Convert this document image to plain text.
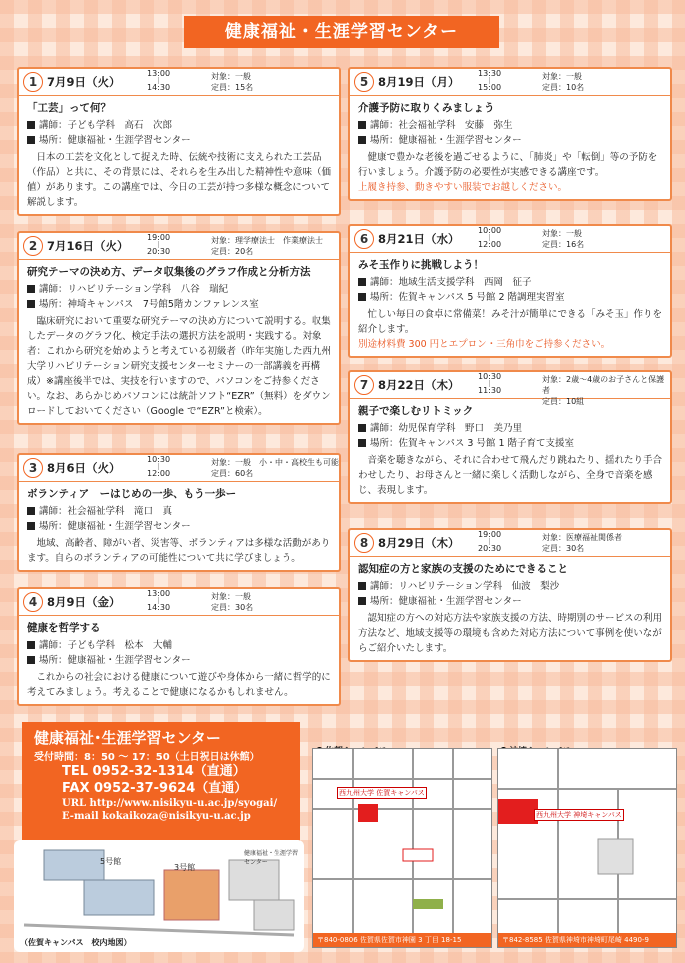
健康福祉・生涯学習センター
1 7月9日（火）
13:00
｜
14:30
対象：一般
定員：15名
「工芸」って何？
講師：子ども学科　高石　次郎
場所：健康福祉・生涯学習センター
日本の工芸を文化として捉えた時、伝統や技術に支えられた工芸品（作品）と共に、その背景には、それらを生み出した精神性や意味（価値）があります。この講座では、今日の工芸が持つ多様な概念について解説します。
2 7月16日（火）
19:00
｜
20:30
対象：理学療法士　作業療法士
定員：20名
研究テーマの決め方、データ収集後のグラフ作成と分析方法
講師：リハビリテーション学科　八谷　瑞紀
場所：神埼キャンパス　7号館5階カンファレンス室
臨床研究において重要な研究テーマの決め方について説明する。収集したデータのグラフ化、検定手法の選択方法を説明・実践する。対象者：これから研究を始めようと考えている初級者（昨年実施した西九州大学リハビリテーション研究支援センターセミナーの一部講義を再構成）※講座後半では、実技を行いますので、パソコンをご持参ください。なお、あらかじめパソコンには統計ソフト“EZR”（無料）をダウンロードしておいてください（Google で“EZR”と検索）。
3 8月6日（火）
10:30
｜
12:00
対象：一般　小・中・高校生も可能
定員：60名
ボランティア　ーはじめの一歩、もう一歩ー
講師：社会福祉学科　滝口　真
場所：健康福祉・生涯学習センター
地域、高齢者、障がい者、災害等、ボランティアは多様な活動があります。自らのボランティアの可能性について共に学びましょう。
4 8月9日（金）
13:00
｜
14:30
対象：一般
定員：30名
健康を哲学する
講師：子ども学科　松本　大輔
場所：健康福祉・生涯学習センター
これからの社会における健康について遊びや身体から一緒に哲学的に考えてみましょう。考えることで健康になるかもしれません。
5 8月19日（月）
13:30
｜
15:00
対象：一般
定員：10名
介護予防に取りくみましょう
講師：社会福祉学科　安藤　弥生
場所：健康福祉・生涯学習センター
健康で豊かな老後を過ごせるように、「肺炎」や「転倒」等の予防を行いましょう。介護予防の必要性が実感できる講座です。
上履き持参、動きやすい服装でお越しください。
6 8月21日（水）
10:00
｜
12:00
対象：一般
定員：16名
みそ玉作りに挑戦しよう！
講師：地域生活支援学科　西岡　征子
場所：佐賀キャンパス 5 号館 2 階調理実習室
忙しい毎日の食卓に常備菜！みそ汁が簡単にできる「みそ玉」作りを紹介します。
別途材料費 300 円とエプロン・三角巾をご持参ください。
7 8月22日（木）
10:30
｜
11:30
対象：2歳～4歳のお子さんと保護者
定員：10組
親子で楽しむリトミック
講師：幼児保育学科　野口　美乃里
場所：佐賀キャンパス 3 号館 1 階子育て支援室
音楽を聴きながら、それに合わせて飛んだり跳ねたり、揺れたり手合わせしたり、お母さんと一緒に楽しく活動しながら、全身で音楽を感じ、表現します。
8 8月29日（木）
19:00
｜
20:30
対象：医療福祉関係者
定員：30名
認知症の方と家族の支援のためにできること
講師：リハビリテーション学科　仙波　梨沙
場所：健康福祉・生涯学習センター
認知症の方への対応方法や家族支援の方法、時期別のサービスの利用方法など、地域支援等の環境も含めた対応方法について事例を使いながらご紹介いたします。
健康福祉･生涯学習センター
受付時間：8：50 ～ 17：50（土日祝日は休館）
TEL 0952-32-1314（直通）
FAX 0952-37-9624（直通）
URL http://www.nisikyu-u.ac.jp/syogai/
E-mail kokaikoza@nisikyu-u.ac.jp
5号館
3号館
健康福祉・生涯学習センター
（佐賀キャンパス　校内地図）
西九州大学 佐賀キャンパス
〒840-0806 佐賀県佐賀市神園 3 丁目 18-15
西九州大学 神埼キャンパス
〒842-8585 佐賀県神埼市神埼町尾崎 4490-9
